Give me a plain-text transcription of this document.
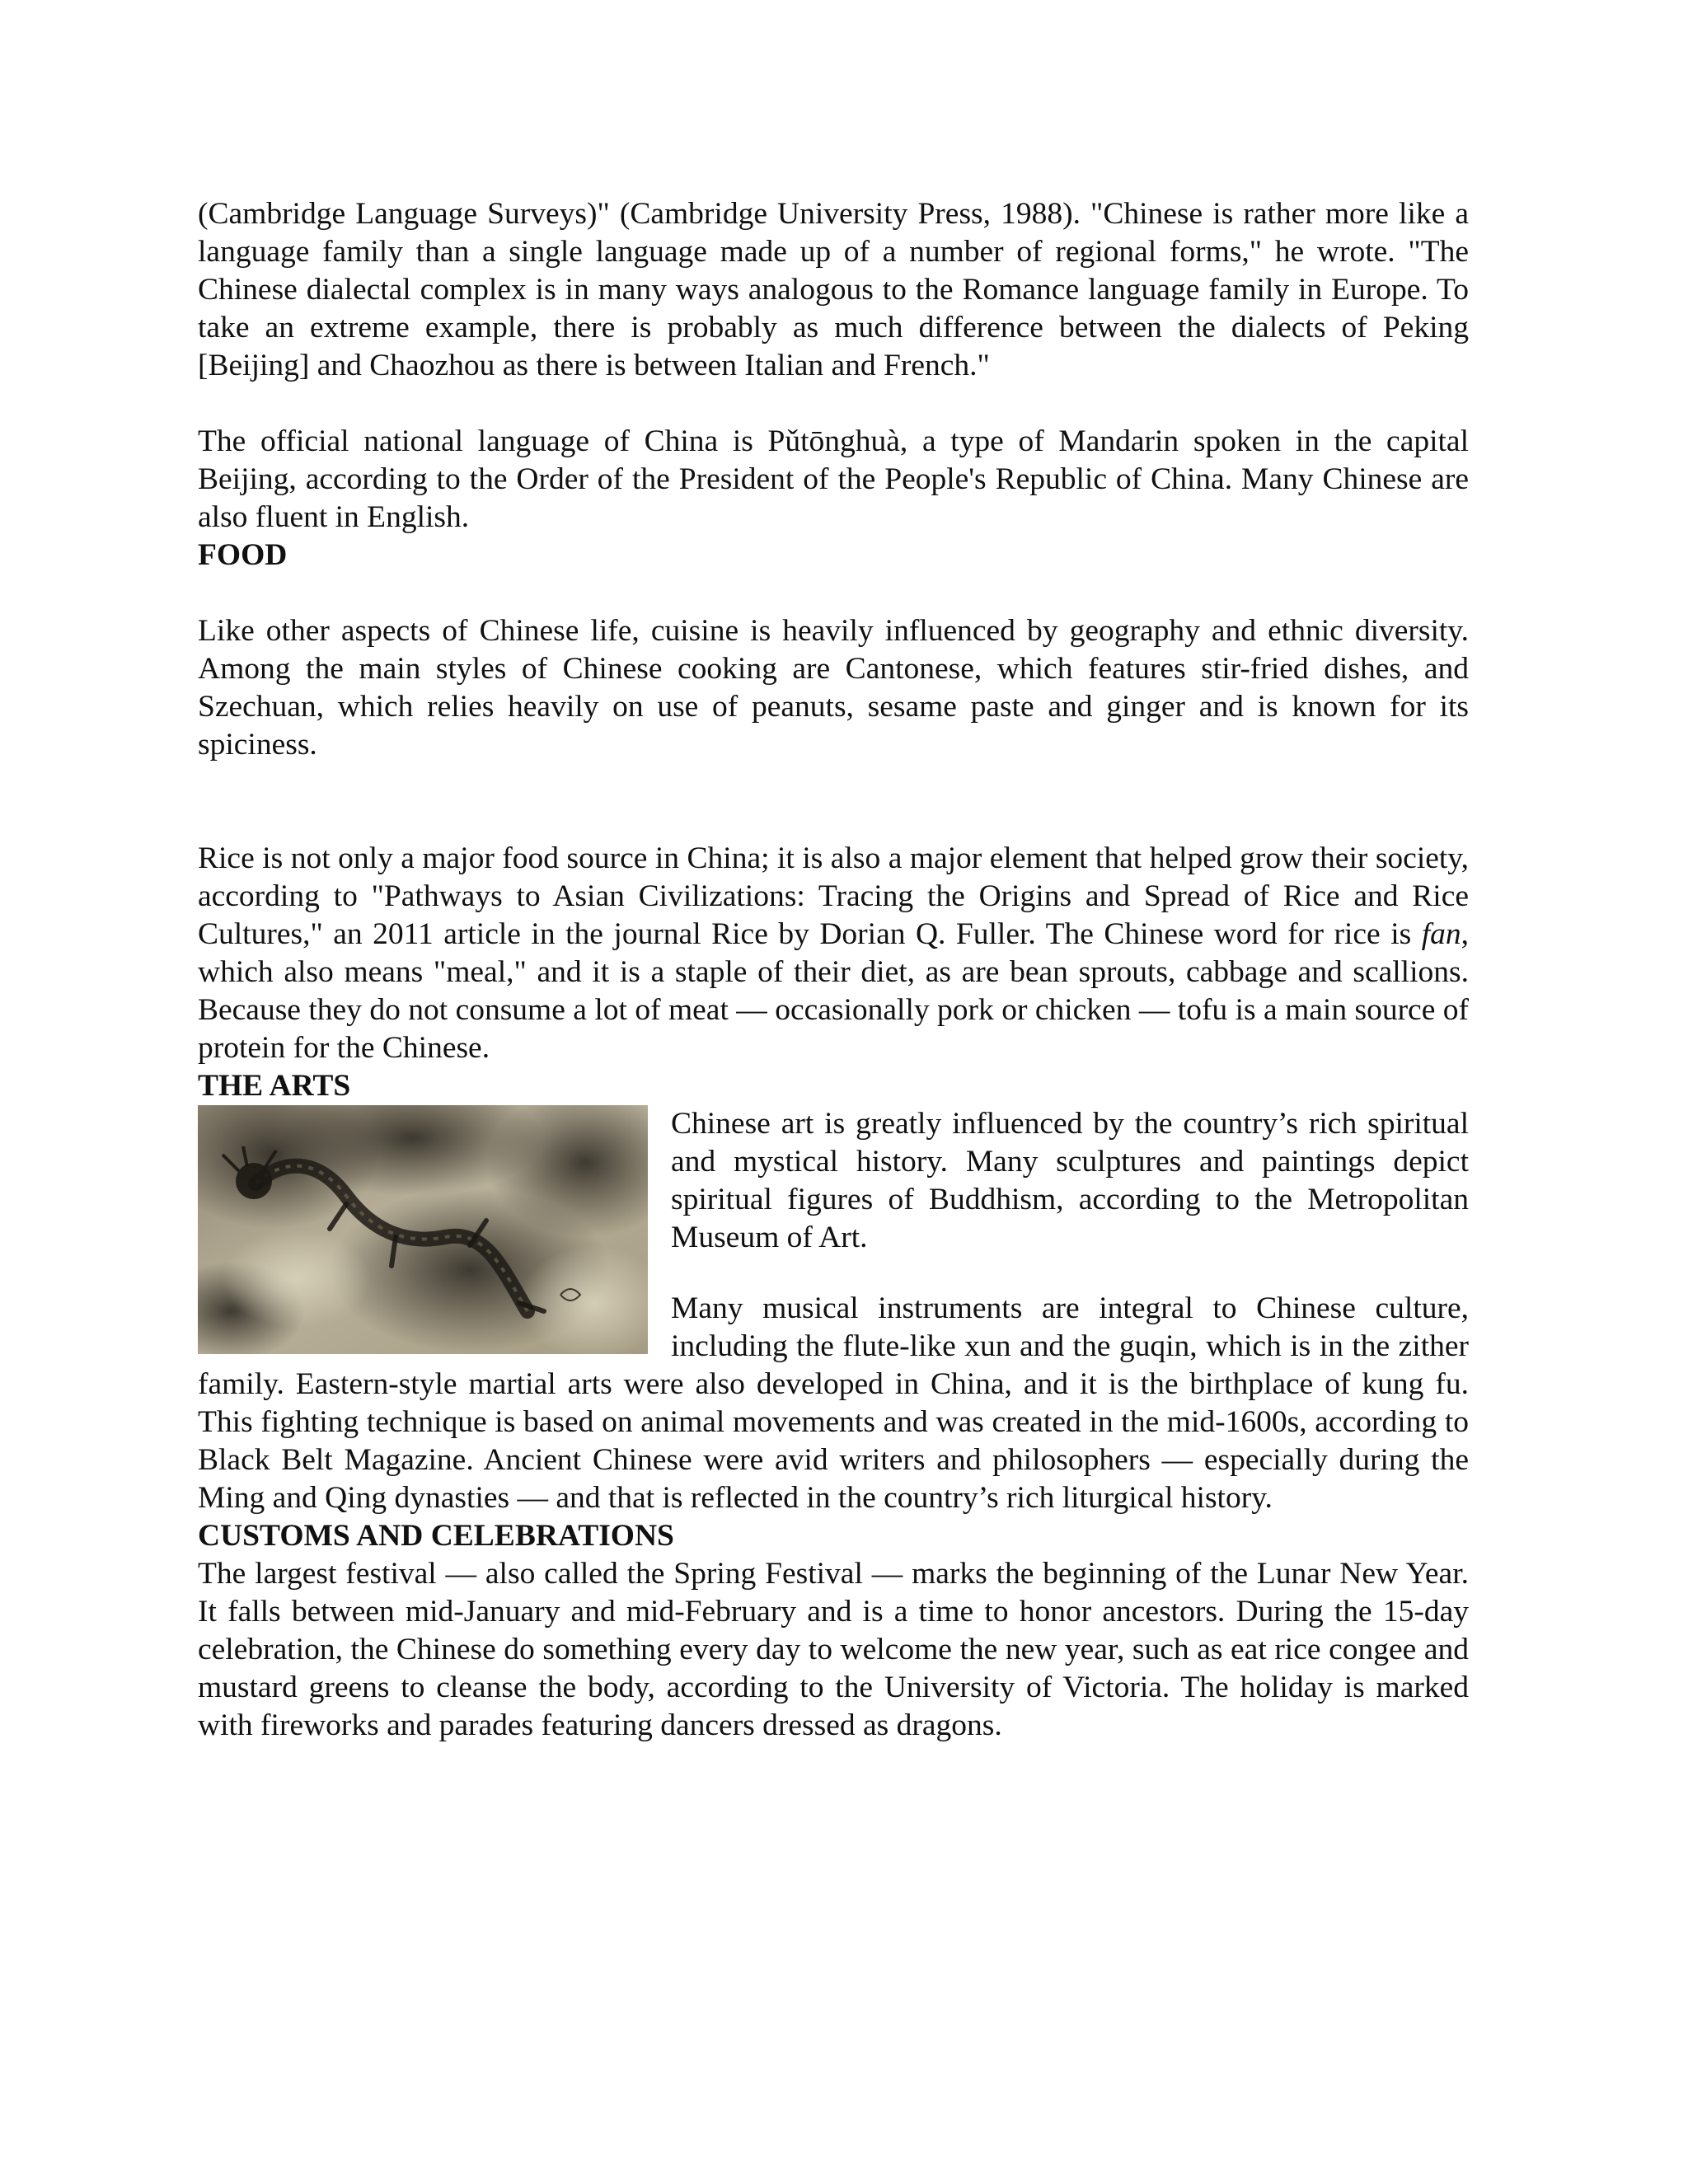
(Cambridge Language Surveys)" (Cambridge University Press, 1988). "Chinese is rather more like a language family than a single language made up of a number of regional forms," he wrote. "The Chinese dialectal complex is in many ways analogous to the Romance language family in Europe. To take an extreme example, there is probably as much difference between the dialects of Peking [Beijing] and Chaozhou as there is between Italian and French."

The official national language of China is Pǔtōnghuà, a type of Mandarin spoken in the capital Beijing, according to the Order of the President of the People's Republic of China. Many Chinese are also fluent in English.

FOOD

Like other aspects of Chinese life, cuisine is heavily influenced by geography and ethnic diversity. Among the main styles of Chinese cooking are Cantonese, which features stir-fried dishes, and Szechuan, which relies heavily on use of peanuts, sesame paste and ginger and is known for its spiciness.

Rice is not only a major food source in China; it is also a major element that helped grow their society, according to "Pathways to Asian Civilizations: Tracing the Origins and Spread of Rice and Rice Cultures," an 2011 article in the journal Rice by Dorian Q. Fuller. The Chinese word for rice is fan, which also means "meal," and it is a staple of their diet, as are bean sprouts, cabbage and scallions. Because they do not consume a lot of meat — occasionally pork or chicken — tofu is a main source of protein for the Chinese.

THE ARTS

Chinese art is greatly influenced by the country’s rich spiritual and mystical history. Many sculptures and paintings depict spiritual figures of Buddhism, according to the Metropolitan Museum of Art.

Many musical instruments are integral to Chinese culture, including the flute-like xun and the guqin, which is in the zither family. Eastern-style martial arts were also developed in China, and it is the birthplace of kung fu. This fighting technique is based on animal movements and was created in the mid-1600s, according to Black Belt Magazine. Ancient Chinese were avid writers and philosophers — especially during the Ming and Qing dynasties — and that is reflected in the country’s rich liturgical history.

CUSTOMS AND CELEBRATIONS

The largest festival — also called the Spring Festival — marks the beginning of the Lunar New Year. It falls between mid-January and mid-February and is a time to honor ancestors. During the 15-day celebration, the Chinese do something every day to welcome the new year, such as eat rice congee and mustard greens to cleanse the body, according to the University of Victoria. The holiday is marked with fireworks and parades featuring dancers dressed as dragons.
